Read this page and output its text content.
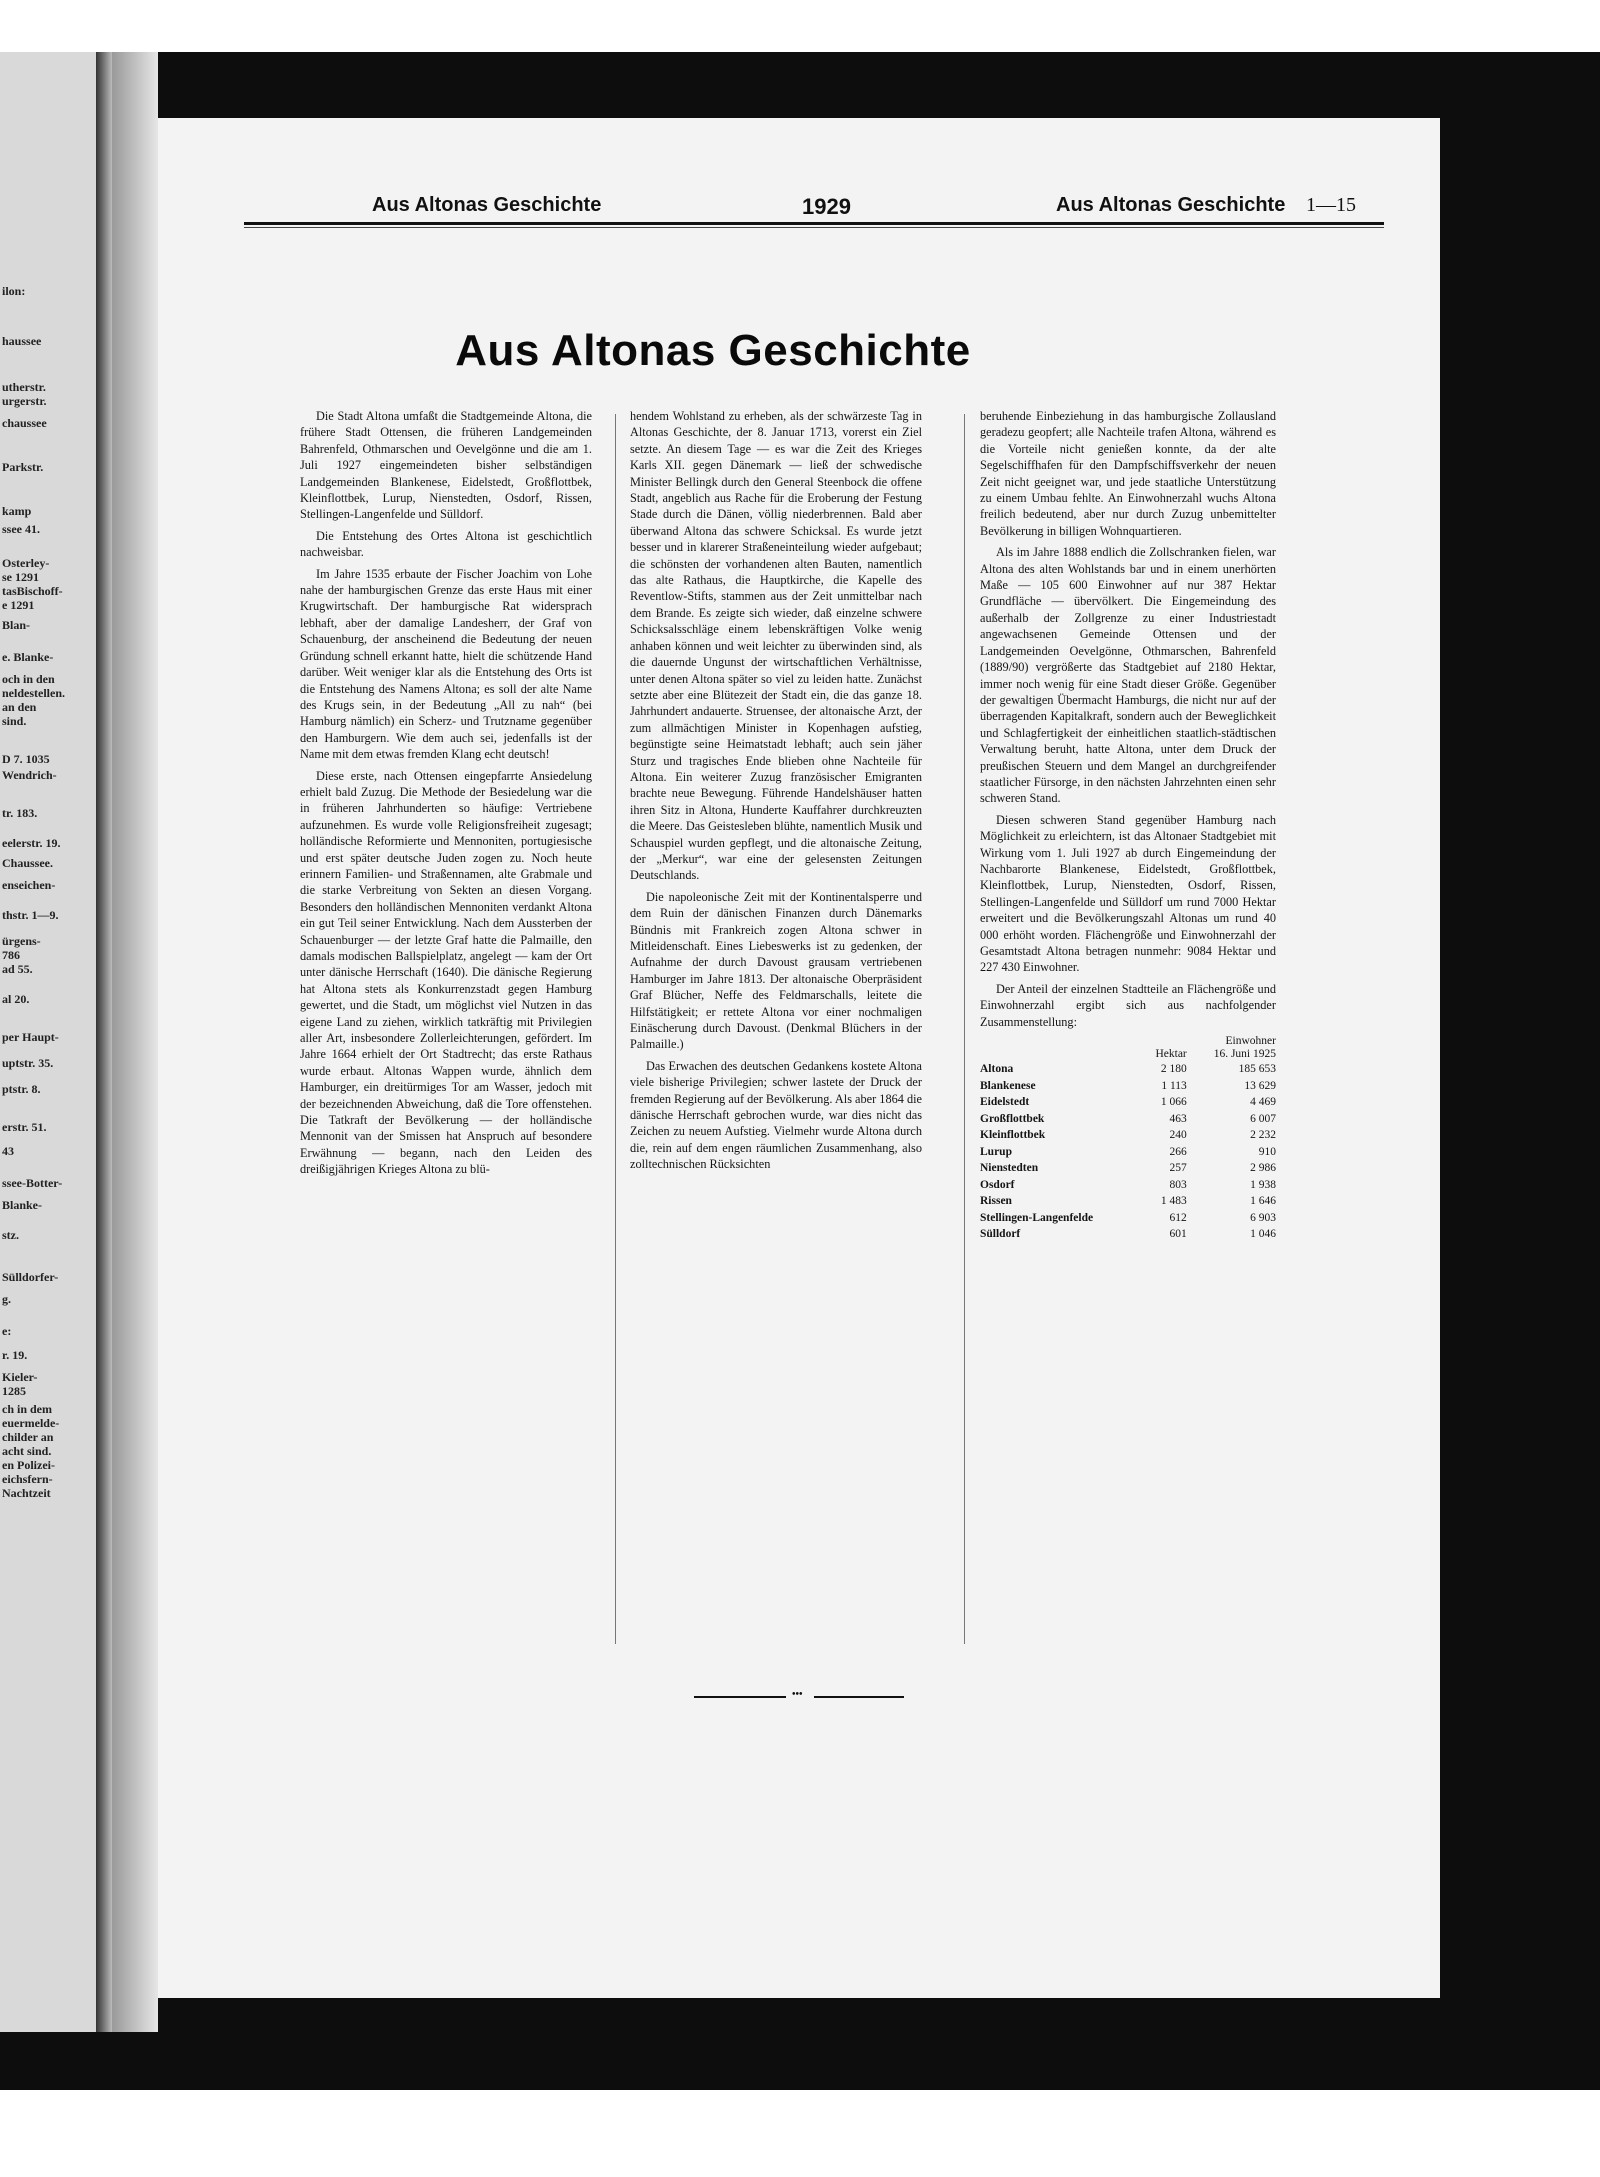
ilon:
haussee
utherstr.
urgerstr.
chaussee
Parkstr.
kamp
ssee 41.
Osterley-
se 1291
tasBischoff-
e 1291
Blan-
e. Blanke-
och in den
neldestellen.
an den
sind.
D 7. 1035
Wendrich-
tr. 183.
eelerstr. 19.
Chaussee.
enseichen-
thstr. 1—9.
ürgens-
786
ad 55.
al 20.
per Haupt-
uptstr. 35.
ptstr. 8.
erstr. 51.
43
ssee-Botter-
Blanke-
stz.
Sülldorfer-
g.
e:
r. 19.
Kieler-
1285
ch in dem
euermelde-
childer an
acht sind.
en Polizei-
eichsfern-
Nachtzeit
Aus Altonas Geschichte	1929	Aus Altonas Geschichte 1—15
Aus Altonas Geschichte

Die Stadt Altona umfaßt die Stadtgemeinde Altona, die frühere Stadt Ottensen, die früheren Landgemeinden Bahrenfeld, Othmarschen und Oevelgönne und die am 1. Juli 1927 eingemeindeten bisher selbständigen Landgemeinden Blankenese, Eidelstedt, Großflottbek, Kleinflottbek, Lurup, Nienstedten, Osdorf, Rissen, Stellingen-Langenfelde und Sülldorf.

Die Entstehung des Ortes Altona ist geschichtlich nachweisbar.

Im Jahre 1535 erbaute der Fischer Joachim von Lohe nahe der hamburgischen Grenze das erste Haus mit einer Krugwirtschaft. Der hamburgische Rat widersprach lebhaft, aber der damalige Landesherr, der Graf von Schauenburg, der anscheinend die Bedeutung der neuen Gründung schnell erkannt hatte, hielt die schützende Hand darüber. Weit weniger klar als die Entstehung des Orts ist die Entstehung des Namens Altona; es soll der alte Name des Krugs sein, in der Bedeutung „All zu nah“ (bei Hamburg nämlich) ein Scherz- und Trutzname gegenüber den Hamburgern. Wie dem auch sei, jedenfalls ist der Name mit dem etwas fremden Klang echt deutsch!

Diese erste, nach Ottensen eingepfarrte Ansiedelung erhielt bald Zuzug. Die Methode der Besiedelung war die in früheren Jahrhunderten so häufige: Vertriebene aufzunehmen. Es wurde volle Religionsfreiheit zugesagt; holländische Reformierte und Mennoniten, portugiesische und erst später deutsche Juden zogen zu. Noch heute erinnern Familien- und Straßennamen, alte Grabmale und die starke Verbreitung von Sekten an diesen Vorgang. Besonders den holländischen Mennoniten verdankt Altona ein gut Teil seiner Entwicklung. Nach dem Aussterben der Schauenburger — der letzte Graf hatte die Palmaille, den damals modischen Ballspielplatz, angelegt — kam der Ort unter dänische Herrschaft (1640). Die dänische Regierung hat Altona stets als Konkurrenzstadt gegen Hamburg gewertet, und die Stadt, um möglichst viel Nutzen in das eigene Land zu ziehen, wirklich tatkräftig mit Privilegien aller Art, insbesondere Zollerleichterungen, gefördert. Im Jahre 1664 erhielt der Ort Stadtrecht; das erste Rathaus wurde erbaut. Altonas Wappen wurde, ähnlich dem Hamburger, ein dreitürmiges Tor am Wasser, jedoch mit der bezeichnenden Abweichung, daß die Tore offenstehen. Die Tatkraft der Bevölkerung — der holländische Mennonit van der Smissen hat Anspruch auf besondere Erwähnung — begann, nach den Leiden des dreißigjährigen Krieges Altona zu blü-

hendem Wohlstand zu erheben, als der schwärzeste Tag in Altonas Geschichte, der 8. Januar 1713, vorerst ein Ziel setzte. An diesem Tage — es war die Zeit des Krieges Karls XII. gegen Dänemark — ließ der schwedische Minister Bellingk durch den General Steenbock die offene Stadt, angeblich aus Rache für die Eroberung der Festung Stade durch die Dänen, völlig niederbrennen. Bald aber überwand Altona das schwere Schicksal. Es wurde jetzt besser und in klarerer Straßeneinteilung wieder aufgebaut; die schönsten der vorhandenen alten Bauten, namentlich das alte Rathaus, die Hauptkirche, die Kapelle des Reventlow-Stifts, stammen aus der Zeit unmittelbar nach dem Brande. Es zeigte sich wieder, daß einzelne schwere Schicksalsschläge einem lebenskräftigen Volke wenig anhaben können und weit leichter zu überwinden sind, als die dauernde Ungunst der wirtschaftlichen Verhältnisse, unter denen Altona später so viel zu leiden hatte. Zunächst setzte aber eine Blütezeit der Stadt ein, die das ganze 18. Jahrhundert andauerte. Struensee, der altonaische Arzt, der zum allmächtigen Minister in Kopenhagen aufstieg, begünstigte seine Heimatstadt lebhaft; auch sein jäher Sturz und tragisches Ende blieben ohne Nachteile für Altona. Ein weiterer Zuzug französischer Emigranten brachte neue Bewegung. Führende Handelshäuser hatten ihren Sitz in Altona, Hunderte Kauffahrer durchkreuzten die Meere. Das Geistesleben blühte, namentlich Musik und Schauspiel wurden gepflegt, und die altonaische Zeitung, der „Merkur“, war eine der gelesensten Zeitungen Deutschlands.

Die napoleonische Zeit mit der Kontinentalsperre und dem Ruin der dänischen Finanzen durch Dänemarks Bündnis mit Frankreich zogen Altona schwer in Mitleidenschaft. Eines Liebeswerks ist zu gedenken, der Aufnahme der durch Davoust grausam vertriebenen Hamburger im Jahre 1813. Der altonaische Oberpräsident Graf Blücher, Neffe des Feldmarschalls, leitete die Hilfstätigkeit; er rettete Altona vor einer nochmaligen Einäscherung durch Davoust. (Denkmal Blüchers in der Palmaille.)

Das Erwachen des deutschen Gedankens kostete Altona viele bisherige Privilegien; schwer lastete der Druck der fremden Regierung auf der Bevölkerung. Als aber 1864 die dänische Herrschaft gebrochen wurde, war dies nicht das Zeichen zu neuem Aufstieg. Vielmehr wurde Altona durch die, rein auf dem engen räumlichen Zusammenhang, also zolltechnischen Rücksichten

beruhende Einbeziehung in das hamburgische Zollausland geradezu geopfert; alle Nachteile trafen Altona, während es die Vorteile nicht genießen konnte, da der alte Segelschiffhafen für den Dampfschiffsverkehr der neuen Zeit nicht geeignet war, und jede staatliche Unterstützung zu einem Umbau fehlte. An Einwohnerzahl wuchs Altona freilich bedeutend, aber nur durch Zuzug unbemittelter Bevölkerung in billigen Wohnquartieren.

Als im Jahre 1888 endlich die Zollschranken fielen, war Altona des alten Wohlstands bar und in einem unerhörten Maße — 105 600 Einwohner auf nur 387 Hektar Grundfläche — übervölkert. Die Eingemeindung des außerhalb der Zollgrenze zu einer Industriestadt angewachsenen Gemeinde Ottensen und der Landgemeinden Oevelgönne, Othmarschen, Bahrenfeld (1889/90) vergrößerte das Stadtgebiet auf 2180 Hektar, immer noch wenig für eine Stadt dieser Größe. Gegenüber der gewaltigen Übermacht Hamburgs, die nicht nur auf der überragenden Kapitalkraft, sondern auch der Beweglichkeit und Schlagfertigkeit der einheitlichen staatlich-städtischen Verwaltung beruht, hatte Altona, unter dem Druck der preußischen Steuern und dem Mangel an durchgreifender staatlicher Fürsorge, in den nächsten Jahrzehnten einen sehr schweren Stand.

Diesen schweren Stand gegenüber Hamburg nach Möglichkeit zu erleichtern, ist das Altonaer Stadtgebiet mit Wirkung vom 1. Juli 1927 ab durch Eingemeindung der Nachbarorte Blankenese, Eidelstedt, Großflottbek, Kleinflottbek, Lurup, Nienstedten, Osdorf, Rissen, Stellingen-Langenfelde und Sülldorf um rund 7000 Hektar erweitert und die Bevölkerungszahl Altonas um rund 40 000 erhöht worden. Flächengröße und Einwohnerzahl der Gesamtstadt Altona betragen nunmehr: 9084 Hektar und 227 430 Einwohner.

Der Anteil der einzelnen Stadtteile an Flächengröße und Einwohnerzahl ergibt sich aus nachfolgender Zusammenstellung:

	Hektar	Einwohner
16. Juni 1925
Altona	2 180	185 653
Blankenese	1 113	13 629
Eidelstedt	1 066	4 469
Großflottbek	463	6 007
Kleinflottbek	240	2 232
Lurup	266	910
Nienstedten	257	2 986
Osdorf	803	1 938
Rissen	1 483	1 646
Stellingen-Langenfelde	612	6 903
Sülldorf	601	1 046
•••
